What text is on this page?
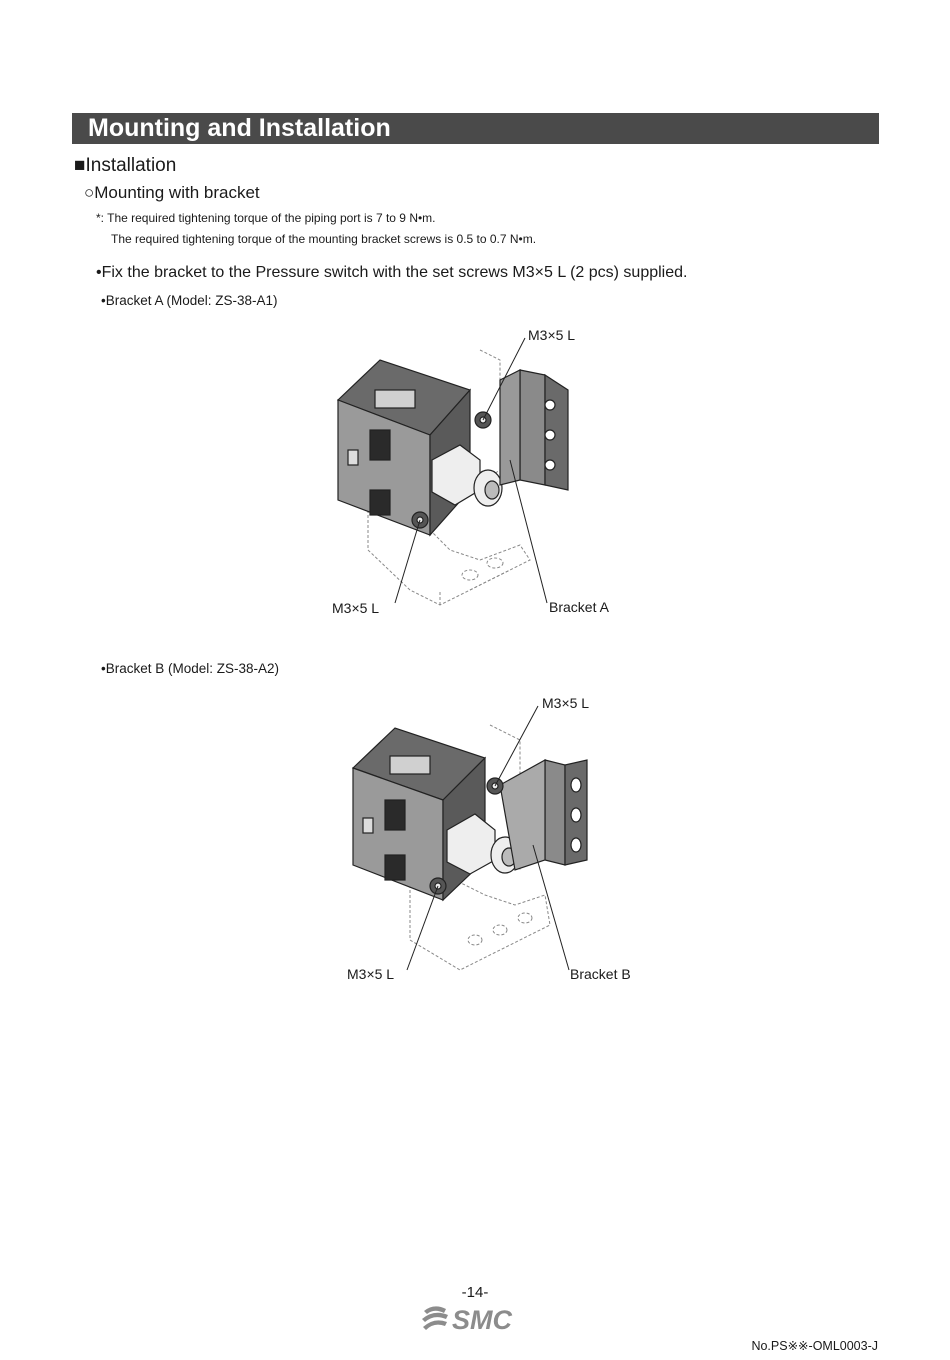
Mounting and Installation
■Installation
○Mounting with bracket
*: The required tightening torque of the piping port is 7 to 9 N•m.
The required tightening torque of the mounting bracket screws is 0.5 to 0.7 N•m.
•Fix the bracket to the Pressure switch with the set screws M3×5 L (2 pcs) supplied.
•Bracket A (Model: ZS-38-A1)
M3×5 L
M3×5 L	Bracket A
•Bracket B (Model: ZS-38-A2)
M3×5 L
M3×5 L	Bracket B
-14-
SMC
No.PS※※-OML0003-J
